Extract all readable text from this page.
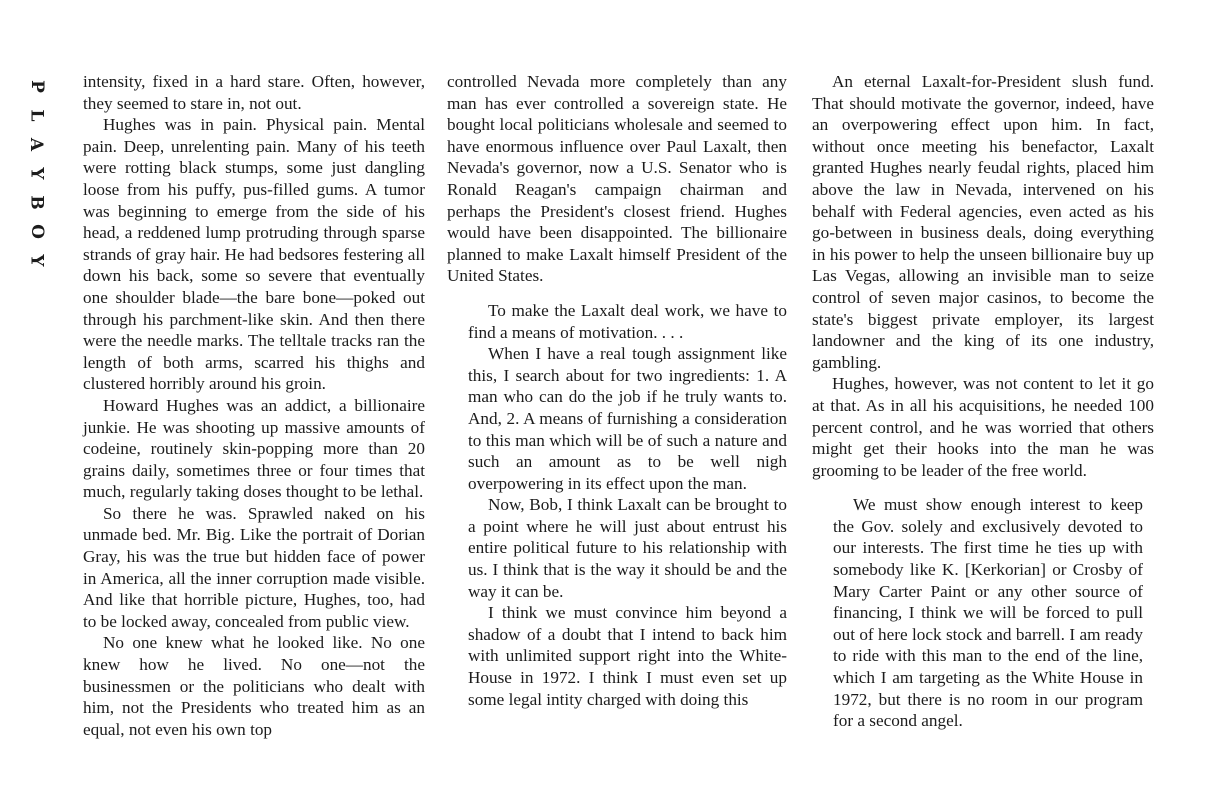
P
L
A
Y
B
O
Y

intensity, fixed in a hard stare. Often, however, they seemed to stare in, not out.

Hughes was in pain. Physical pain. Mental pain. Deep, unrelenting pain. Many of his teeth were rotting black stumps, some just dangling loose from his puffy, pus-filled gums. A tumor was beginning to emerge from the side of his head, a reddened lump protruding through sparse strands of gray hair. He had bedsores festering all down his back, some so severe that eventually one shoulder blade—the bare bone—poked out through his parchment-like skin. And then there were the needle marks. The telltale tracks ran the length of both arms, scarred his thighs and clustered horribly around his groin.

Howard Hughes was an addict, a billionaire junkie. He was shooting up massive amounts of codeine, routinely skin-popping more than 20 grains daily, sometimes three or four times that much, regularly taking doses thought to be lethal.

So there he was. Sprawled naked on his unmade bed. Mr. Big. Like the portrait of Dorian Gray, his was the true but hidden face of power in America, all the inner corruption made visible. And like that horrible picture, Hughes, too, had to be locked away, concealed from public view.

No one knew what he looked like. No one knew how he lived. No one—not the businessmen or the politicians who dealt with him, not the Presidents who treated him as an equal, not even his own top

controlled Nevada more completely than any man has ever controlled a sovereign state. He bought local politicians wholesale and seemed to have enormous influence over Paul Laxalt, then Nevada's governor, now a U.S. Senator who is Ronald Reagan's campaign chairman and perhaps the President's closest friend. Hughes would have been disappointed. The billionaire planned to make Laxalt himself President of the United States.

To make the Laxalt deal work, we have to find a means of motivation. . . .

When I have a real tough assignment like this, I search about for two ingredients: 1. A man who can do the job if he truly wants to. And, 2. A means of furnishing a consideration to this man which will be of such a nature and such an amount as to be well nigh overpowering in its effect upon the man.

Now, Bob, I think Laxalt can be brought to a point where he will just about entrust his entire political future to his relationship with us. I think that is the way it should be and the way it can be.

I think we must convince him beyond a shadow of a doubt that I intend to back him with unlimited support right into the White-House in 1972. I think I must even set up some legal intity charged with doing this

An eternal Laxalt-for-President slush fund. That should motivate the governor, indeed, have an overpowering effect upon him. In fact, without once meeting his benefactor, Laxalt granted Hughes nearly feudal rights, placed him above the law in Nevada, intervened on his behalf with Federal agencies, even acted as his go-between in business deals, doing everything in his power to help the unseen billionaire buy up Las Vegas, allowing an invisible man to seize control of seven major casinos, to become the state's biggest private employer, its largest landowner and the king of its one industry, gambling.

Hughes, however, was not content to let it go at that. As in all his acquisitions, he needed 100 percent control, and he was worried that others might get their hooks into the man he was grooming to be leader of the free world.

We must show enough interest to keep the Gov. solely and exclusively devoted to our interests. The first time he ties up with somebody like K. [Kerkorian] or Crosby of Mary Carter Paint or any other source of financing, I think we will be forced to pull out of here lock stock and barrell. I am ready to ride with this man to the end of the line, which I am targeting as the White House in 1972, but there is no room in our program for a second angel.
